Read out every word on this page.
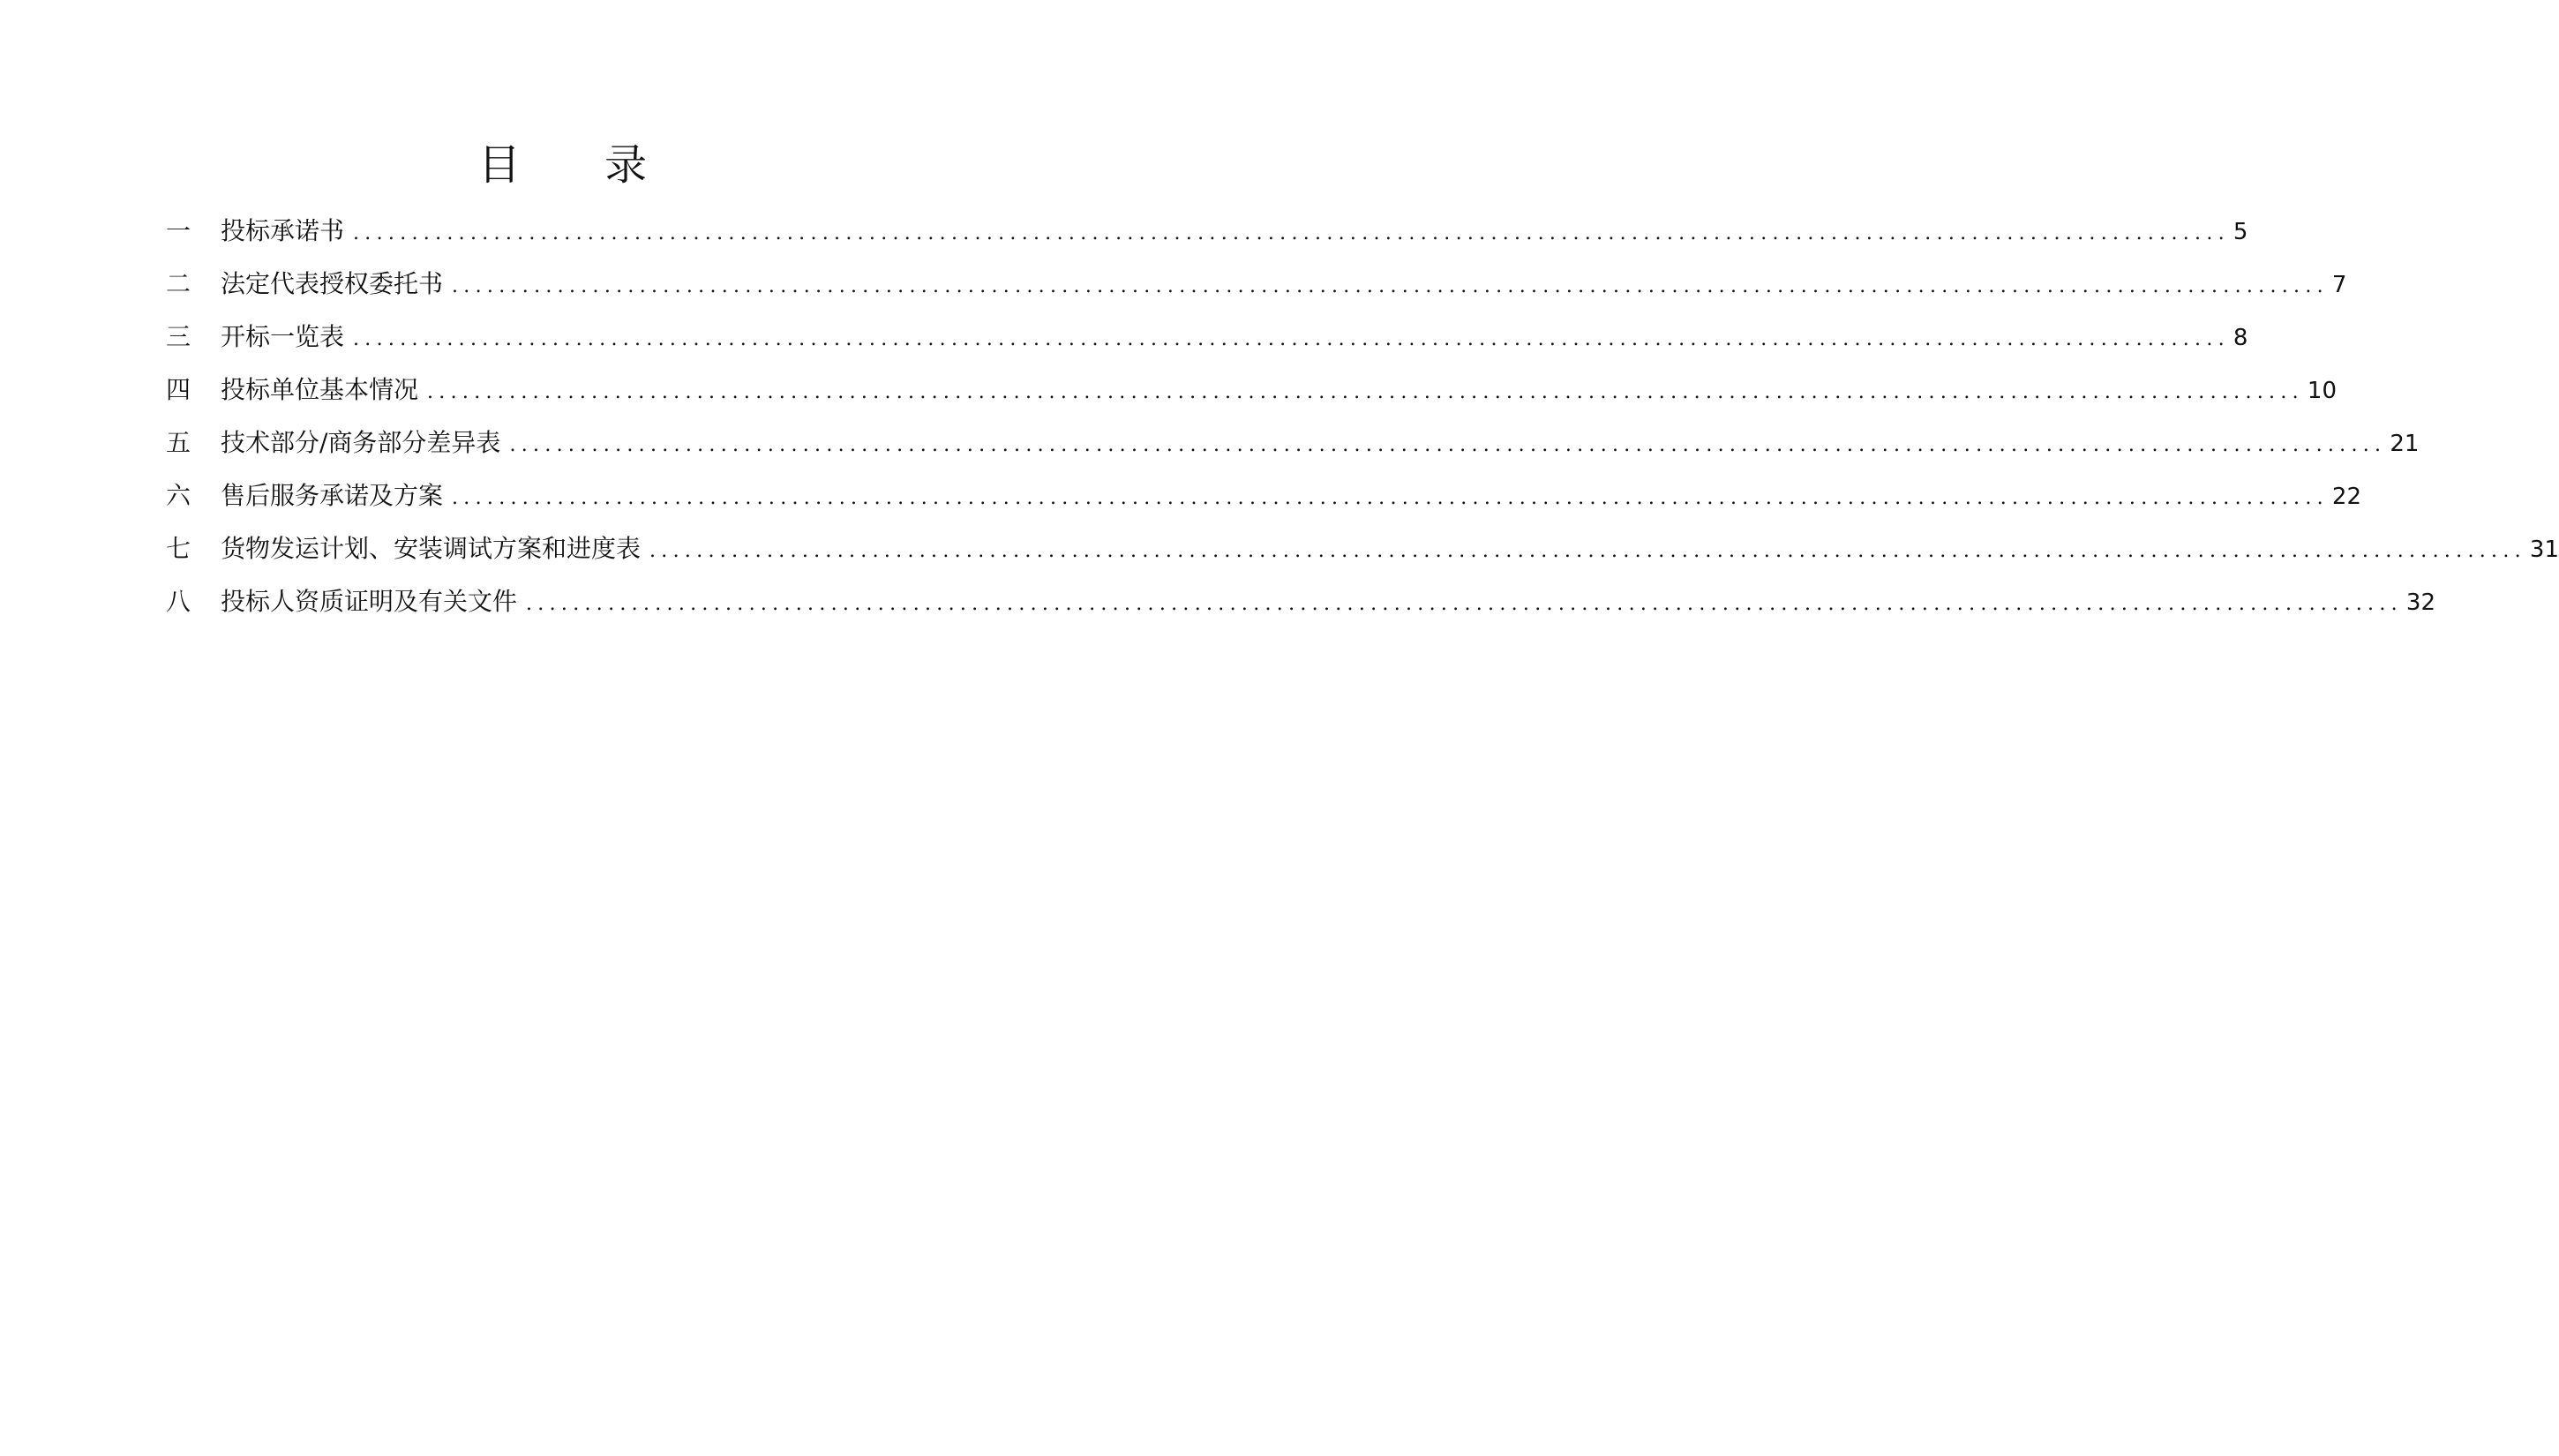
目 录
一	投标承诺书 ................................................................................................................................................................ 5
二	法定代表授权委托书 ................................................................................................................................................................ 7
三	开标一览表 ................................................................................................................................................................ 8
四	投标单位基本情况 ................................................................................................................................................................ 10
五	技术部分/商务部分差异表 ................................................................................................................................................................ 21
六	售后服务承诺及方案 ................................................................................................................................................................ 22
七	货物发运计划、安装调试方案和进度表 ................................................................................................................................................................ 31
八	投标人资质证明及有关文件 ................................................................................................................................................................ 32
